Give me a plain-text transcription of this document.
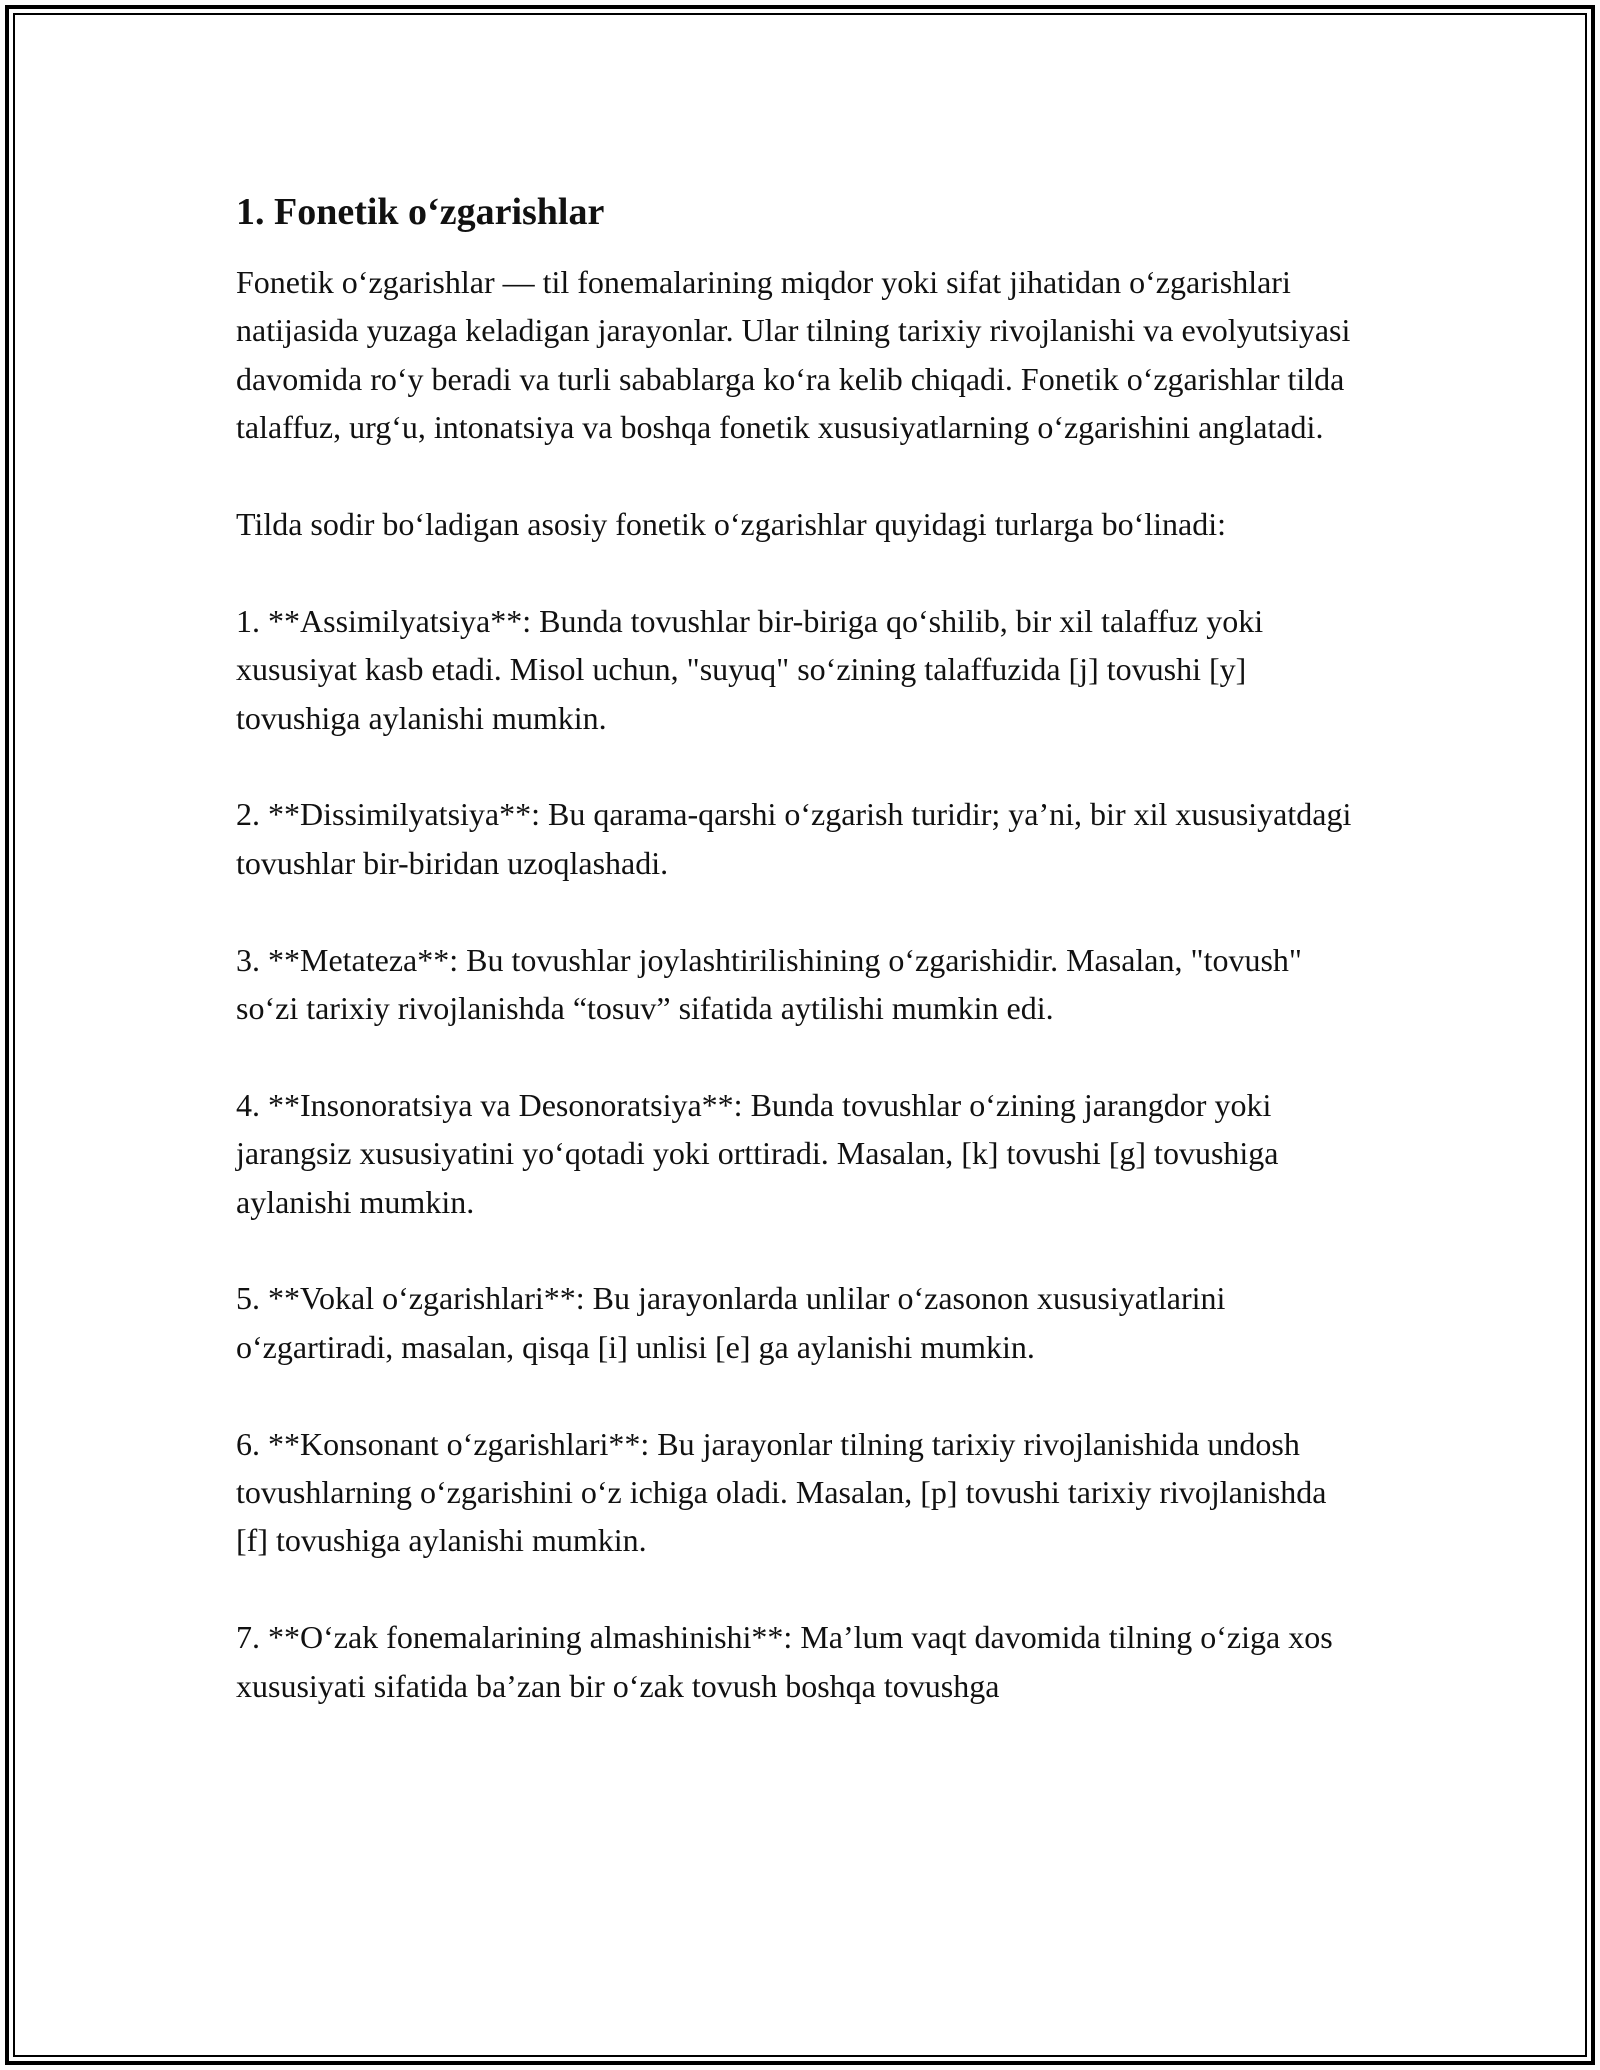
1. Fonetik o‘zgarishlar

Fonetik o‘zgarishlar — til fonemalarining miqdor yoki sifat jihatidan o‘zgarishlari natijasida yuzaga keladigan jarayonlar. Ular tilning tarixiy rivojlanishi va evolyutsiyasi davomida ro‘y beradi va turli sabablarga ko‘ra kelib chiqadi. Fonetik o‘zgarishlar tilda talaffuz, urg‘u, intonatsiya va boshqa fonetik xususiyatlarning o‘zgarishini anglatadi.

Tilda sodir bo‘ladigan asosiy fonetik o‘zgarishlar quyidagi turlarga bo‘linadi:

1. **Assimilyatsiya**: Bunda tovushlar bir-biriga qo‘shilib, bir xil talaffuz yoki xususiyat kasb etadi. Misol uchun, "suyuq" so‘zining talaffuzida [j] tovushi [y] tovushiga aylanishi mumkin.

2. **Dissimilyatsiya**: Bu qarama-qarshi o‘zgarish turidir; ya’ni, bir xil xususiyatdagi tovushlar bir-biridan uzoqlashadi.

3. **Metateza**: Bu tovushlar joylashtirilishining o‘zgarishidir. Masalan, "tovush" so‘zi tarixiy rivojlanishda “tosuv” sifatida aytilishi mumkin edi.

4. **Insonoratsiya va Desonoratsiya**: Bunda tovushlar o‘zining jarangdor yoki jarangsiz xususiyatini yo‘qotadi yoki orttiradi. Masalan, [k] tovushi [g] tovushiga aylanishi mumkin.

5. **Vokal o‘zgarishlari**: Bu jarayonlarda unlilar o‘zasonon xususiyatlarini o‘zgartiradi, masalan, qisqa [i] unlisi [e] ga aylanishi mumkin.

6. **Konsonant o‘zgarishlari**: Bu jarayonlar tilning tarixiy rivojlanishida undosh tovushlarning o‘zgarishini o‘z ichiga oladi. Masalan, [p] tovushi tarixiy rivojlanishda [f] tovushiga aylanishi mumkin.

7. **O‘zak fonemalarining almashinishi**: Ma’lum vaqt davomida tilning o‘ziga xos xususiyati sifatida ba’zan bir o‘zak tovush boshqa tovushga
